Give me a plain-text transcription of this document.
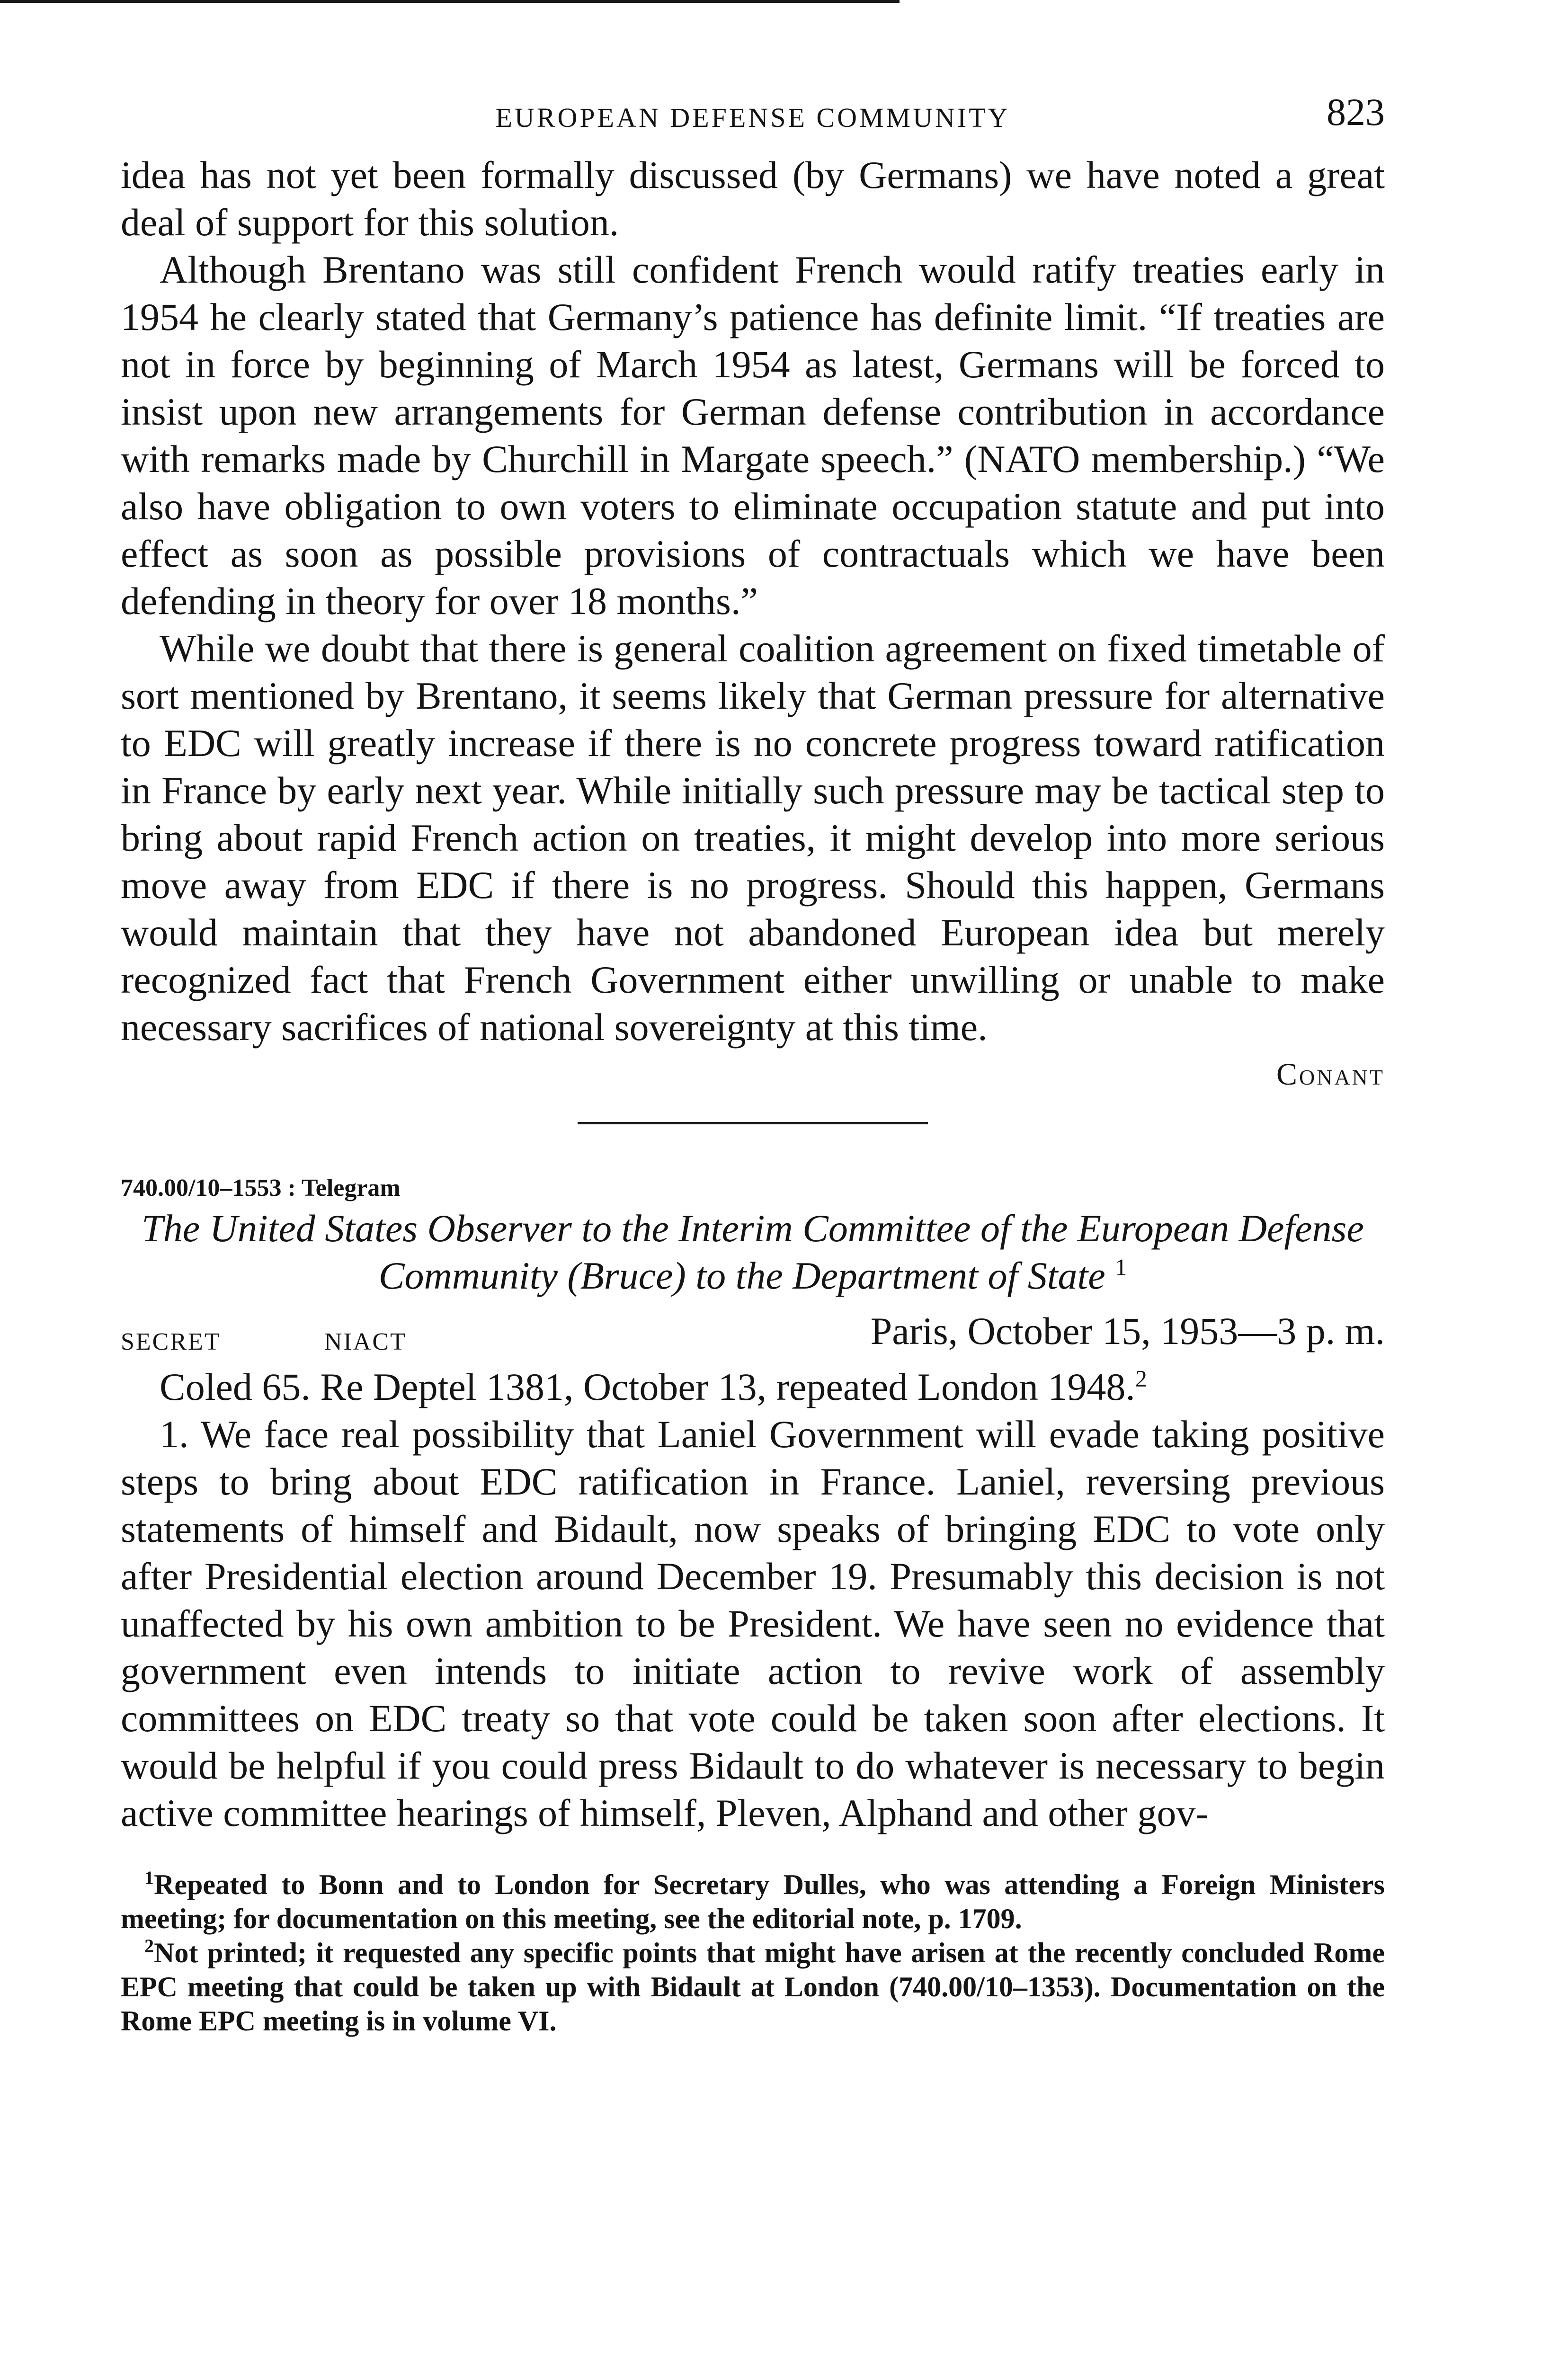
EUROPEAN DEFENSE COMMUNITY	823

idea has not yet been formally discussed (by Germans) we have noted a great deal of support for this solution.

Although Brentano was still confident French would ratify treaties early in 1954 he clearly stated that Germany’s patience has definite limit. “If treaties are not in force by beginning of March 1954 as latest, Germans will be forced to insist upon new arrangements for German defense contribution in accordance with remarks made by Churchill in Margate speech.” (NATO membership.) “We also have obligation to own voters to eliminate occupation statute and put into effect as soon as possible provisions of contractuals which we have been defending in theory for over 18 months.”

While we doubt that there is general coalition agreement on fixed timetable of sort mentioned by Brentano, it seems likely that German pressure for alternative to EDC will greatly increase if there is no concrete progress toward ratification in France by early next year. While initially such pressure may be tactical step to bring about rapid French action on treaties, it might develop into more serious move away from EDC if there is no progress. Should this happen, Germans would maintain that they have not abandoned European idea but merely recognized fact that French Government either unwilling or unable to make necessary sacrifices of national sovereignty at this time.

Conant
740.00/10–1553 : Telegram
The United States Observer to the Interim Committee of the European Defense Community (Bruce) to the Department of State $^1$
SECRET	NIACT	Paris, October 15, 1953—3 p. m.

Coled 65. Re Deptel 1381, October 13, repeated London 1948.$^2$

1. We face real possibility that Laniel Government will evade taking positive steps to bring about EDC ratification in France. Laniel, reversing previous statements of himself and Bidault, now speaks of bringing EDC to vote only after Presidential election around December 19. Presumably this decision is not unaffected by his own ambition to be President. We have seen no evidence that government even intends to initiate action to revive work of assembly committees on EDC treaty so that vote could be taken soon after elections. It would be helpful if you could press Bidault to do whatever is necessary to begin active committee hearings of himself, Pleven, Alphand and other gov-

$^1$Repeated to Bonn and to London for Secretary Dulles, who was attending a Foreign Ministers meeting; for documentation on this meeting, see the editorial note, p. 1709.

$^2$Not printed; it requested any specific points that might have arisen at the recently concluded Rome EPC meeting that could be taken up with Bidault at London (740.00/10–1353). Documentation on the Rome EPC meeting is in volume VI.
